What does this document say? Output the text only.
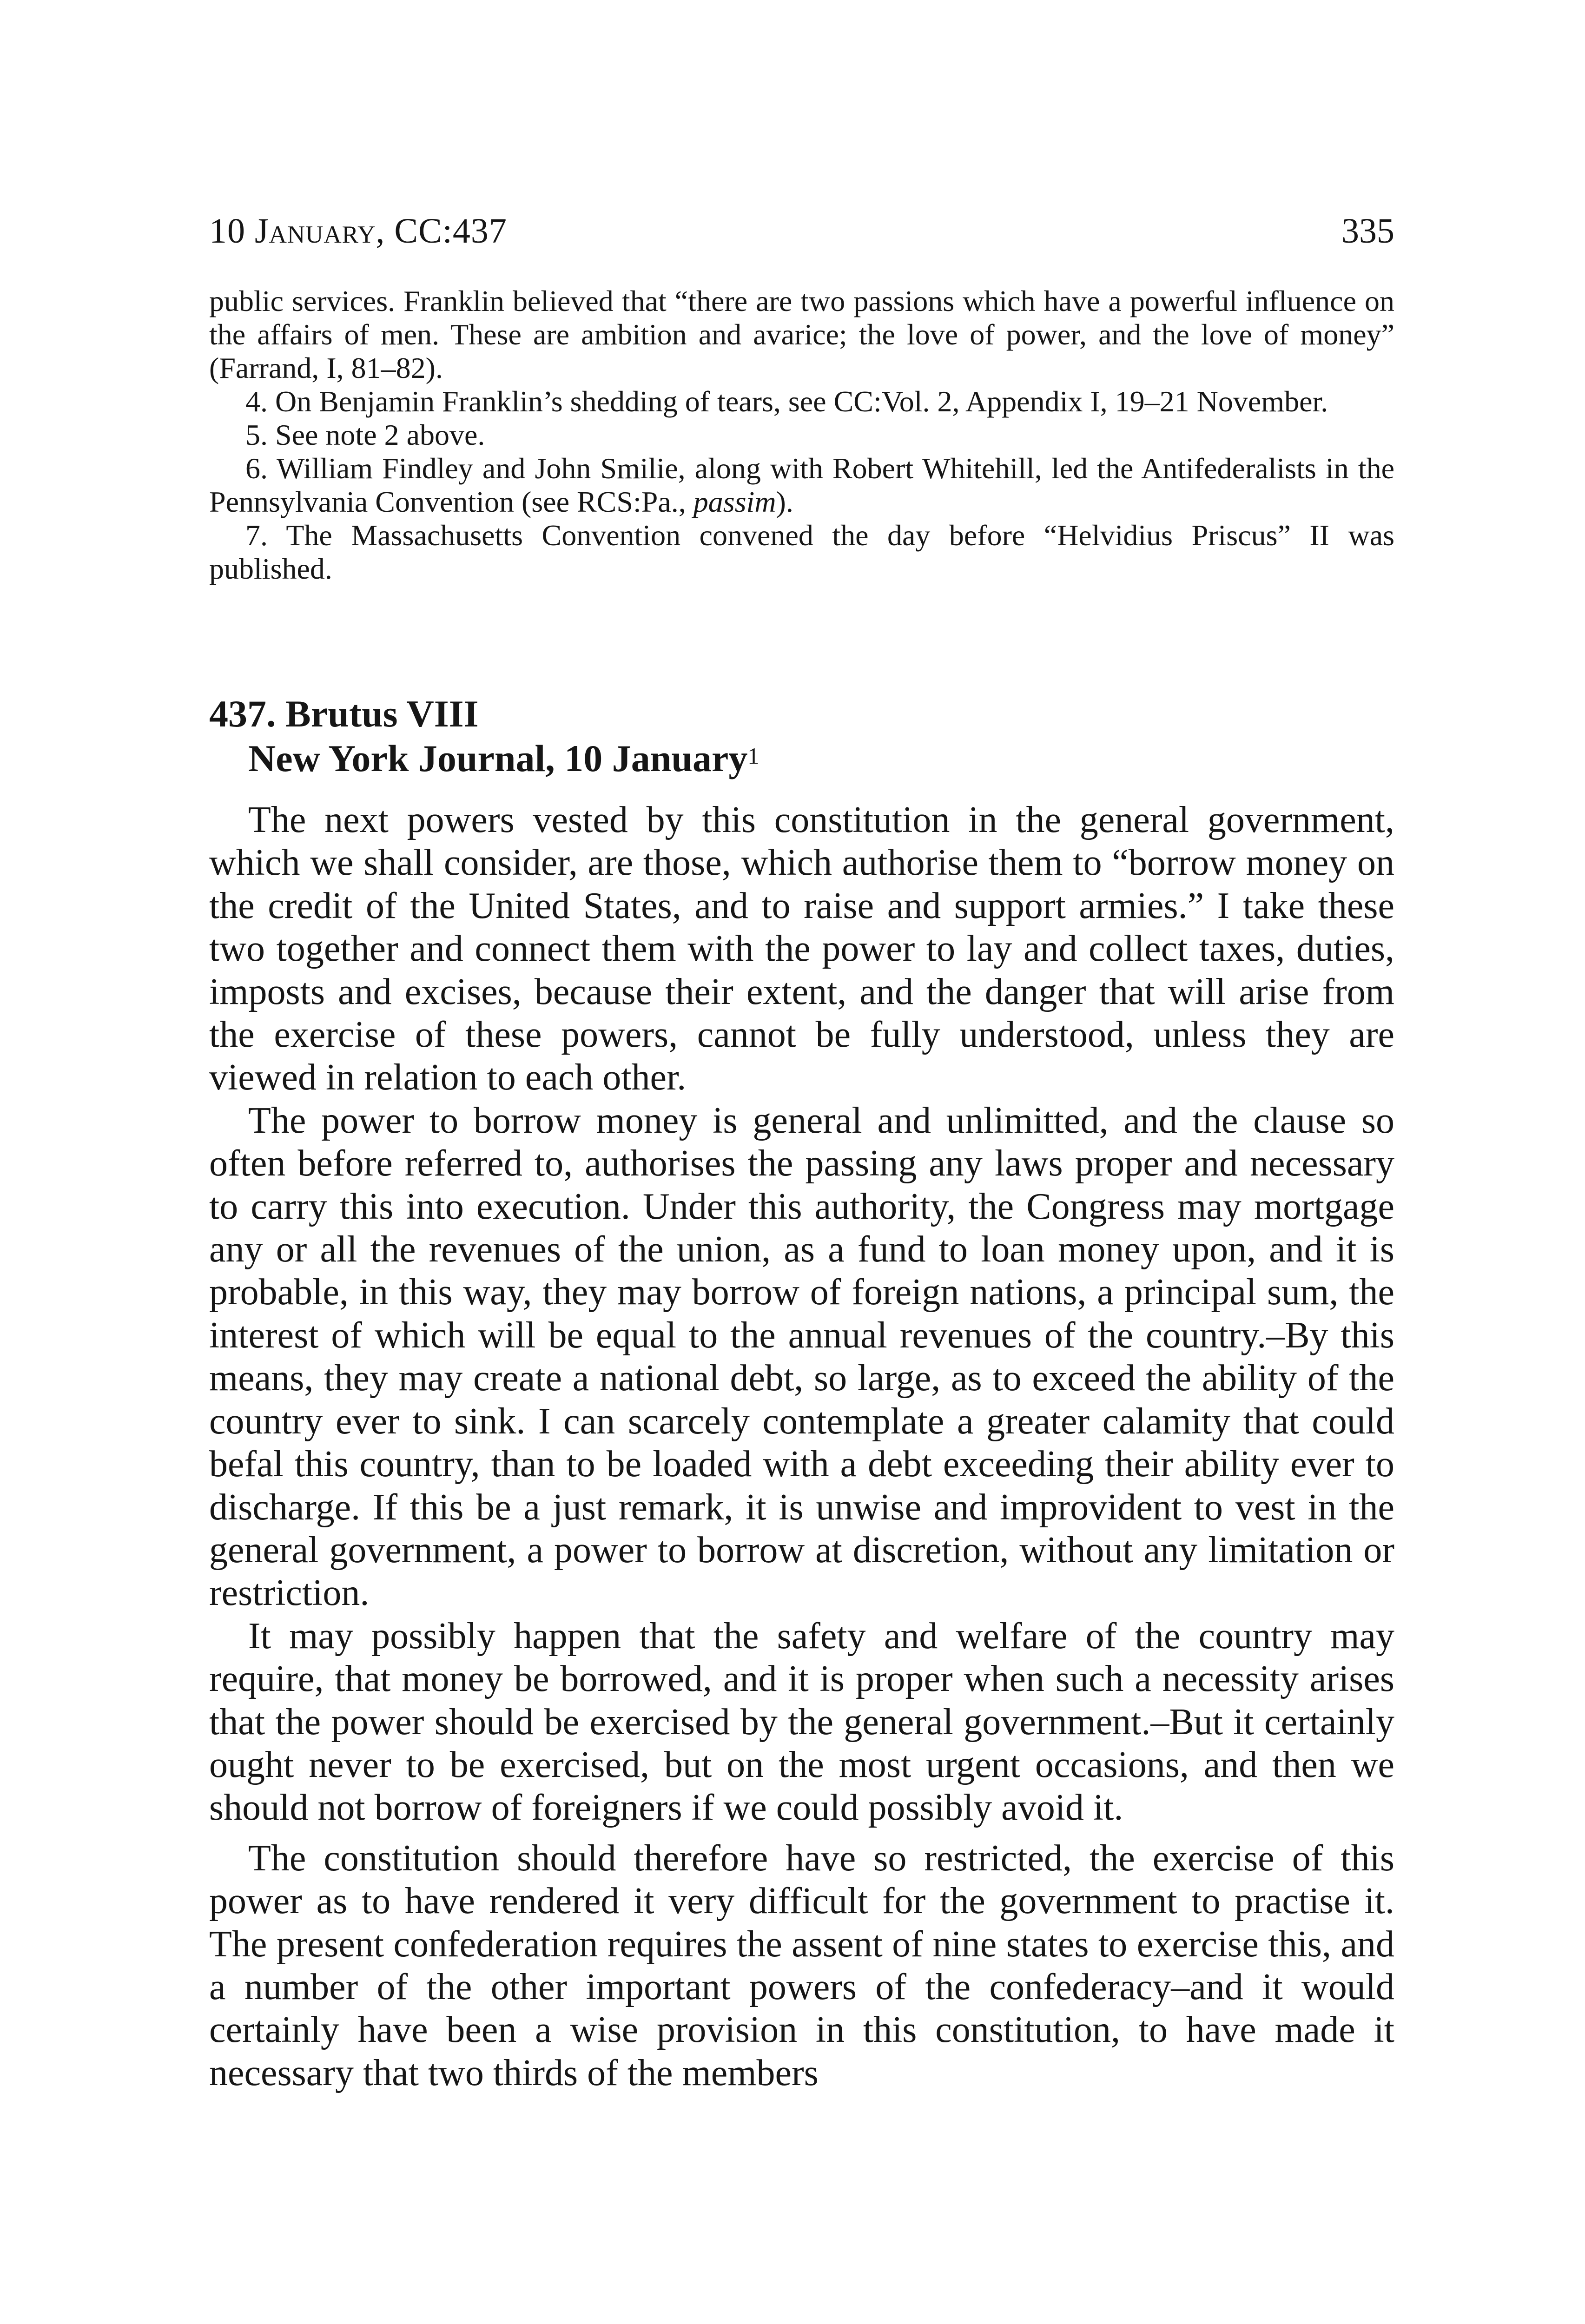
10 January, CC:437	335

public services. Franklin believed that “there are two passions which have a powerful influence on the affairs of men. These are ambition and avarice; the love of power, and the love of money” (Farrand, I, 81–82).

4. On Benjamin Franklin’s shedding of tears, see CC:Vol. 2, Appendix I, 19–21 November.

5. See note 2 above.

6. William Findley and John Smilie, along with Robert Whitehill, led the Antifederalists in the Pennsylvania Convention (see RCS:Pa., passim).

7. The Massachusetts Convention convened the day before “Helvidius Priscus” II was published.

437. Brutus VIII
New York Journal, 10 January$^1$

The next powers vested by this constitution in the general government, which we shall consider, are those, which authorise them to “borrow money on the credit of the United States, and to raise and support armies.” I take these two together and connect them with the power to lay and collect taxes, duties, imposts and excises, because their extent, and the danger that will arise from the exercise of these powers, cannot be fully understood, unless they are viewed in relation to each other.

The power to borrow money is general and unlimitted, and the clause so often before referred to, authorises the passing any laws proper and necessary to carry this into execution. Under this authority, the Congress may mortgage any or all the revenues of the union, as a fund to loan money upon, and it is probable, in this way, they may borrow of foreign nations, a principal sum, the interest of which will be equal to the annual revenues of the country.–By this means, they may create a national debt, so large, as to exceed the ability of the country ever to sink. I can scarcely contemplate a greater calamity that could befal this country, than to be loaded with a debt exceeding their ability ever to discharge. If this be a just remark, it is unwise and improvident to vest in the general government, a power to borrow at discretion, without any limitation or restriction.

It may possibly happen that the safety and welfare of the country may require, that money be borrowed, and it is proper when such a necessity arises that the power should be exercised by the general government.–But it certainly ought never to be exercised, but on the most urgent occasions, and then we should not borrow of foreigners if we could possibly avoid it.

The constitution should therefore have so restricted, the exercise of this power as to have rendered it very difficult for the government to practise it. The present confederation requires the assent of nine states to exercise this, and a number of the other important powers of the confederacy–and it would certainly have been a wise provision in this constitution, to have made it necessary that two thirds of the members
